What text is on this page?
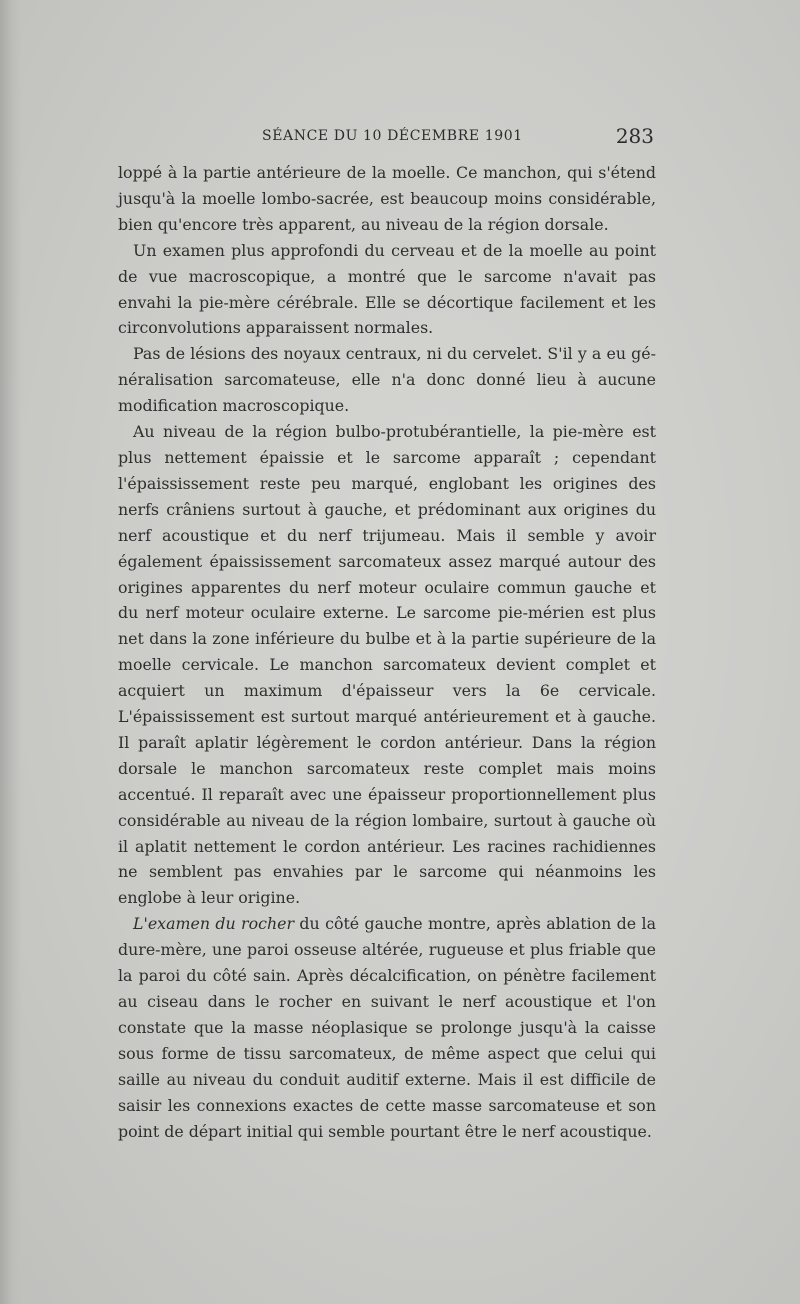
SÉANCE DU 10 DÉCEMBRE 1901	283

loppé à la partie antérieure de la moelle. Ce manchon, qui s'étend jusqu'à la moelle lombo-sacrée, est beaucoup moins considérable, bien qu'encore très apparent, au niveau de la région dorsale.

Un examen plus approfondi du cerveau et de la moelle au point de vue macroscopique, a montré que le sarcome n'avait pas envahi la pie-mère cérébrale. Elle se décortique facilement et les circonvolutions apparaissent normales.

Pas de lésions des noyaux centraux, ni du cervelet. S'il y a eu généralisation sarcomateuse, elle n'a donc donné lieu à aucune modification macroscopique.

Au niveau de la région bulbo-protubérantielle, la pie-mère est plus nettement épaissie et le sarcome apparaît ; cependant l'épaississement reste peu marqué, englobant les origines des nerfs crâniens surtout à gauche, et prédominant aux origines du nerf acoustique et du nerf trijumeau. Mais il semble y avoir également épaississement sarcomateux assez marqué autour des origines apparentes du nerf moteur oculaire commun gauche et du nerf moteur oculaire externe. Le sarcome pie-mérien est plus net dans la zone inférieure du bulbe et à la partie supérieure de la moelle cervicale. Le manchon sarcomateux devient complet et acquiert un maximum d'épaisseur vers la 6e cervicale. L'épaississement est surtout marqué antérieurement et à gauche. Il paraît aplatir légèrement le cordon antérieur. Dans la région dorsale le manchon sarcomateux reste complet mais moins accentué. Il reparaît avec une épaisseur proportionnellement plus considérable au niveau de la région lombaire, surtout à gauche où il aplatit nettement le cordon antérieur. Les racines rachidiennes ne semblent pas envahies par le sarcome qui néanmoins les englobe à leur origine.

L'examen du rocher du côté gauche montre, après ablation de la dure-mère, une paroi osseuse altérée, rugueuse et plus friable que la paroi du côté sain. Après décalcification, on pénètre facilement au ciseau dans le rocher en suivant le nerf acoustique et l'on constate que la masse néoplasique se prolonge jusqu'à la caisse sous forme de tissu sarcomateux, de même aspect que celui qui saille au niveau du conduit auditif externe. Mais il est difficile de saisir les connexions exactes de cette masse sarcomateuse et son point de départ initial qui semble pourtant être le nerf acoustique.
